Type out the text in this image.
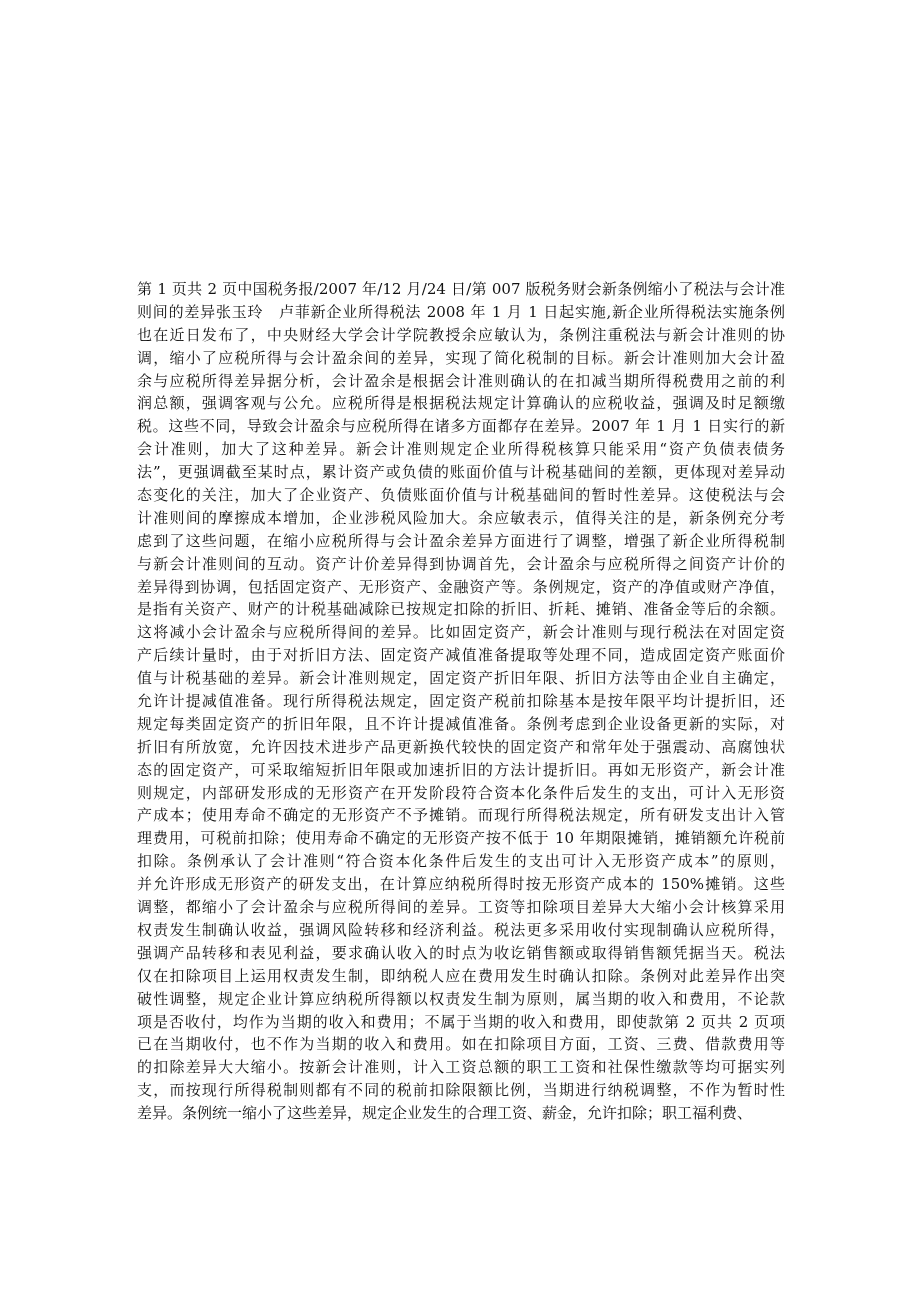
第 1 页共 2 页中国税务报/2007 年/12 月/24 日/第 007 版税务财会新条例缩小了税法与会计准
则间的差异张玉玲　卢菲新企业所得税法 2008 年 1 月 1 日起实施,新企业所得税法实施条例
也在近日发布了，中央财经大学会计学院教授余应敏认为，条例注重税法与新会计准则的协
调，缩小了应税所得与会计盈余间的差异，实现了简化税制的目标。新会计准则加大会计盈
余与应税所得差异据分析，会计盈余是根据会计准则确认的在扣减当期所得税费用之前的利
润总额，强调客观与公允。应税所得是根据税法规定计算确认的应税收益，强调及时足额缴
税。这些不同，导致会计盈余与应税所得在诸多方面都存在差异。2007 年 1 月 1 日实行的新
会计准则，加大了这种差异。新会计准则规定企业所得税核算只能采用“资产负债表债务
法”，更强调截至某时点，累计资产或负债的账面价值与计税基础间的差额，更体现对差异动
态变化的关注，加大了企业资产、负债账面价值与计税基础间的暂时性差异。这使税法与会
计准则间的摩擦成本增加，企业涉税风险加大。余应敏表示，值得关注的是，新条例充分考
虑到了这些问题，在缩小应税所得与会计盈余差异方面进行了调整，增强了新企业所得税制
与新会计准则间的互动。资产计价差异得到协调首先，会计盈余与应税所得之间资产计价的
差异得到协调，包括固定资产、无形资产、金融资产等。条例规定，资产的净值或财产净值，
是指有关资产、财产的计税基础减除已按规定扣除的折旧、折耗、摊销、准备金等后的余额。
这将减小会计盈余与应税所得间的差异。比如固定资产，新会计准则与现行税法在对固定资
产后续计量时，由于对折旧方法、固定资产减值准备提取等处理不同，造成固定资产账面价
值与计税基础的差异。新会计准则规定，固定资产折旧年限、折旧方法等由企业自主确定，
允许计提减值准备。现行所得税法规定，固定资产税前扣除基本是按年限平均计提折旧，还
规定每类固定资产的折旧年限，且不许计提减值准备。条例考虑到企业设备更新的实际，对
折旧有所放宽，允许因技术进步产品更新换代较快的固定资产和常年处于强震动、高腐蚀状
态的固定资产，可采取缩短折旧年限或加速折旧的方法计提折旧。再如无形资产，新会计准
则规定，内部研发形成的无形资产在开发阶段符合资本化条件后发生的支出，可计入无形资
产成本；使用寿命不确定的无形资产不予摊销。而现行所得税法规定，所有研发支出计入管
理费用，可税前扣除；使用寿命不确定的无形资产按不低于 10 年期限摊销，摊销额允许税前
扣除。条例承认了会计准则“符合资本化条件后发生的支出可计入无形资产成本”的原则，
并允许形成无形资产的研发支出，在计算应纳税所得时按无形资产成本的 150%摊销。这些
调整，都缩小了会计盈余与应税所得间的差异。工资等扣除项目差异大大缩小会计核算采用
权责发生制确认收益，强调风险转移和经济利益。税法更多采用收付实现制确认应税所得，
强调产品转移和表见利益，要求确认收入的时点为收讫销售额或取得销售额凭据当天。税法
仅在扣除项目上运用权责发生制，即纳税人应在费用发生时确认扣除。条例对此差异作出突
破性调整，规定企业计算应纳税所得额以权责发生制为原则，属当期的收入和费用，不论款
项是否收付，均作为当期的收入和费用；不属于当期的收入和费用，即使款第 2 页共 2 页项
已在当期收付，也不作为当期的收入和费用。如在扣除项目方面，工资、三费、借款费用等
的扣除差异大大缩小。按新会计准则，计入工资总额的职工工资和社保性缴款等均可据实列
支，而按现行所得税制则都有不同的税前扣除限额比例，当期进行纳税调整，不作为暂时性
差异。条例统一缩小了这些差异，规定企业发生的合理工资、薪金，允许扣除；职工福利费、
